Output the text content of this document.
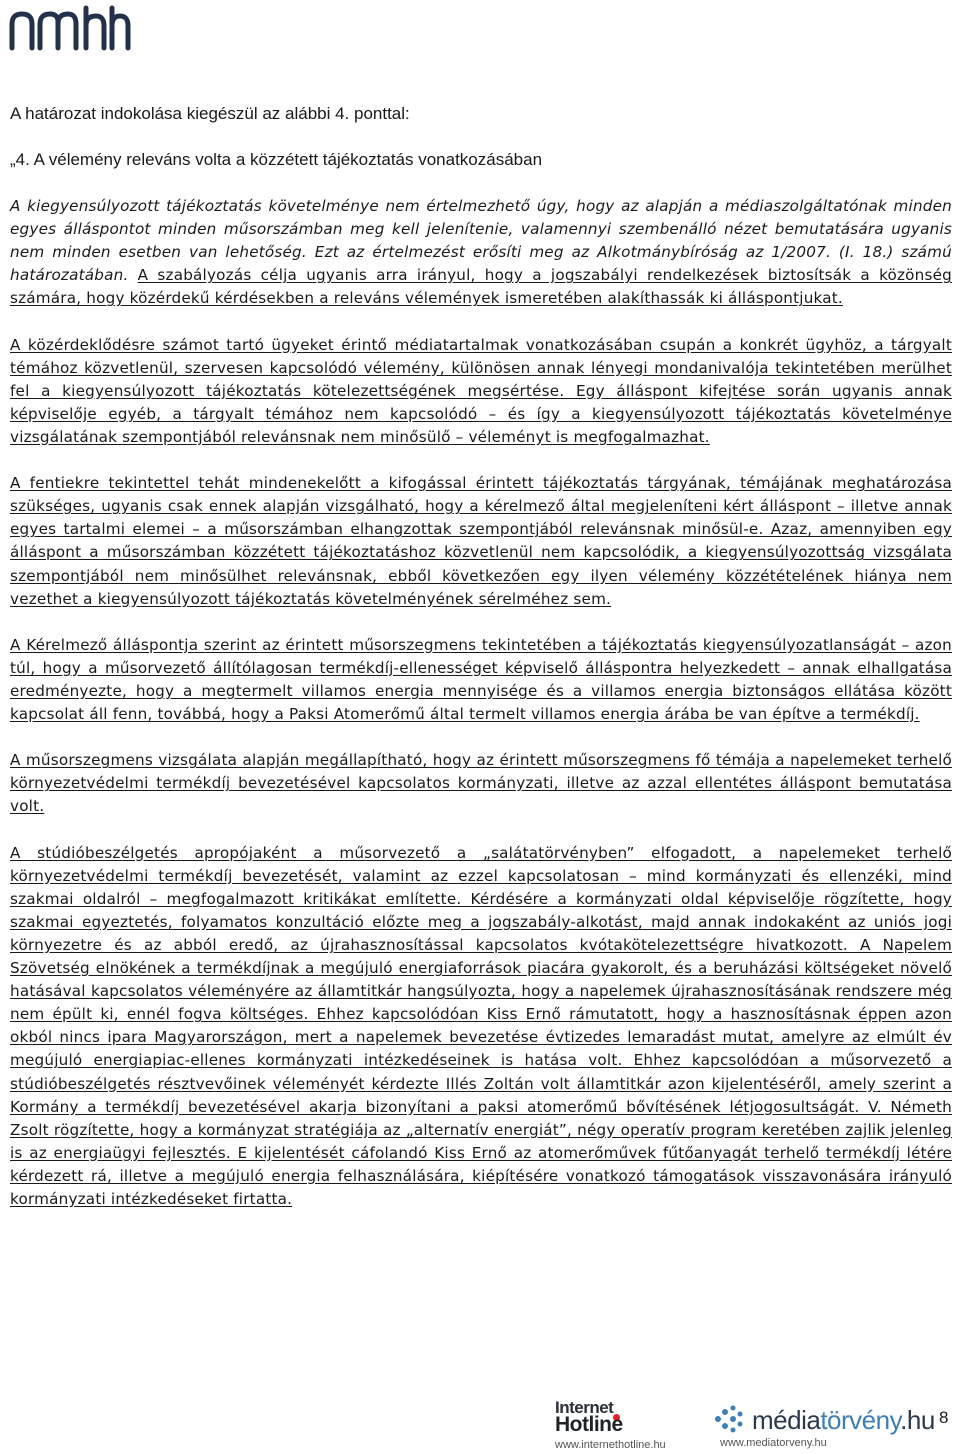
A határozat indokolása kiegészül az alábbi 4. ponttal:
„4. A vélemény releváns volta a közzétett tájékoztatás vonatkozásában

A kiegyensúlyozott tájékoztatás követelménye nem értelmezhető úgy, hogy az alapján a médiaszolgáltatónak minden egyes álláspontot minden műsorszámban meg kell jelenítenie, valamennyi szembenálló nézet bemutatására ugyanis nem minden esetben van lehetőség. Ezt az értelmezést erősíti meg az Alkotmánybíróság az 1/2007. (I. 18.) számú határozatában. A szabályozás célja ugyanis arra irányul, hogy a jogszabályi rendelkezések biztosítsák a közönség számára, hogy közérdekű kérdésekben a releváns vélemények ismeretében alakíthassák ki álláspontjukat.

A közérdeklődésre számot tartó ügyeket érintő médiatartalmak vonatkozásában csupán a konkrét ügyhöz, a tárgyalt témához közvetlenül, szervesen kapcsolódó vélemény, különösen annak lényegi mondanivalója tekintetében merülhet fel a kiegyensúlyozott tájékoztatás kötelezettségének megsértése. Egy álláspont kifejtése során ugyanis annak képviselője egyéb, a tárgyalt témához nem kapcsolódó – és így a kiegyensúlyozott tájékoztatás követelménye vizsgálatának szempontjából relevánsnak nem minősülő – véleményt is megfogalmazhat.

A fentiekre tekintettel tehát mindenekelőtt a kifogással érintett tájékoztatás tárgyának, témájának meghatározása szükséges, ugyanis csak ennek alapján vizsgálható, hogy a kérelmező által megjeleníteni kért álláspont – illetve annak egyes tartalmi elemei – a műsorszámban elhangzottak szempontjából relevánsnak minősül-e. Azaz, amennyiben egy álláspont a műsorszámban közzétett tájékoztatáshoz közvetlenül nem kapcsolódik, a kiegyensúlyozottság vizsgálata szempontjából nem minősülhet relevánsnak, ebből következően egy ilyen vélemény közzétételének hiánya nem vezethet a kiegyensúlyozott tájékoztatás követelményének sérelméhez sem.

A Kérelmező álláspontja szerint az érintett műsorszegmens tekintetében a tájékoztatás kiegyensúlyozatlanságát – azon túl, hogy a műsorvezető állítólagosan termékdíj-ellenességet képviselő álláspontra helyezkedett – annak elhallgatása eredményezte, hogy a megtermelt villamos energia mennyisége és a villamos energia biztonságos ellátása között kapcsolat áll fenn, továbbá, hogy a Paksi Atomerőmű által termelt villamos energia árába be van építve a termékdíj.

A műsorszegmens vizsgálata alapján megállapítható, hogy az érintett műsorszegmens fő témája a napelemeket terhelő környezetvédelmi termékdíj bevezetésével kapcsolatos kormányzati, illetve az azzal ellentétes álláspont bemutatása volt.

A stúdióbeszélgetés apropójaként a műsorvezető a „salátatörvényben” elfogadott, a napelemeket terhelő környezetvédelmi termékdíj bevezetését, valamint az ezzel kapcsolatosan – mind kormányzati és ellenzéki, mind szakmai oldalról – megfogalmazott kritikákat említette. Kérdésére a kormányzati oldal képviselője rögzítette, hogy szakmai egyeztetés, folyamatos konzultáció előzte meg a jogszabály-alkotást, majd annak indokaként az uniós jogi környezetre és az abból eredő, az újrahasznosítással kapcsolatos kvótakötelezettségre hivatkozott. A Napelem Szövetség elnökének a termékdíjnak a megújuló energiaforrások piacára gyakorolt, és a beruházási költségeket növelő hatásával kapcsolatos véleményére az államtitkár hangsúlyozta, hogy a napelemek újrahasznosításának rendszere még nem épült ki, ennél fogva költséges. Ehhez kapcsolódóan Kiss Ernő rámutatott, hogy a hasznosításnak éppen azon okból nincs ipara Magyarországon, mert a napelemek bevezetése évtizedes lemaradást mutat, amelyre az elmúlt év megújuló energiapiac-ellenes kormányzati intézkedéseinek is hatása volt. Ehhez kapcsolódóan a műsorvezető a stúdióbeszélgetés résztvevőinek véleményét kérdezte Illés Zoltán volt államtitkár azon kijelentéséről, amely szerint a Kormány a termékdíj bevezetésével akarja bizonyítani a paksi atomerőmű bővítésének létjogosultságát. V. Németh Zsolt rögzítette, hogy a kormányzat stratégiája az „alternatív energiát”, négy operatív program keretében zajlik jelenleg is az energiaügyi fejlesztés. E kijelentését cáfolandó Kiss Ernő az atomerőművek fűtőanyagát terhelő termékdíj létére kérdezett rá, illetve a megújuló energia felhasználására, kiépítésére vonatkozó támogatások visszavonására irányuló kormányzati intézkedéseket firtatta.

Internet
Hotline
www.internethotline.hu
médiatörvény.hu
www.mediatorveny.hu
8
